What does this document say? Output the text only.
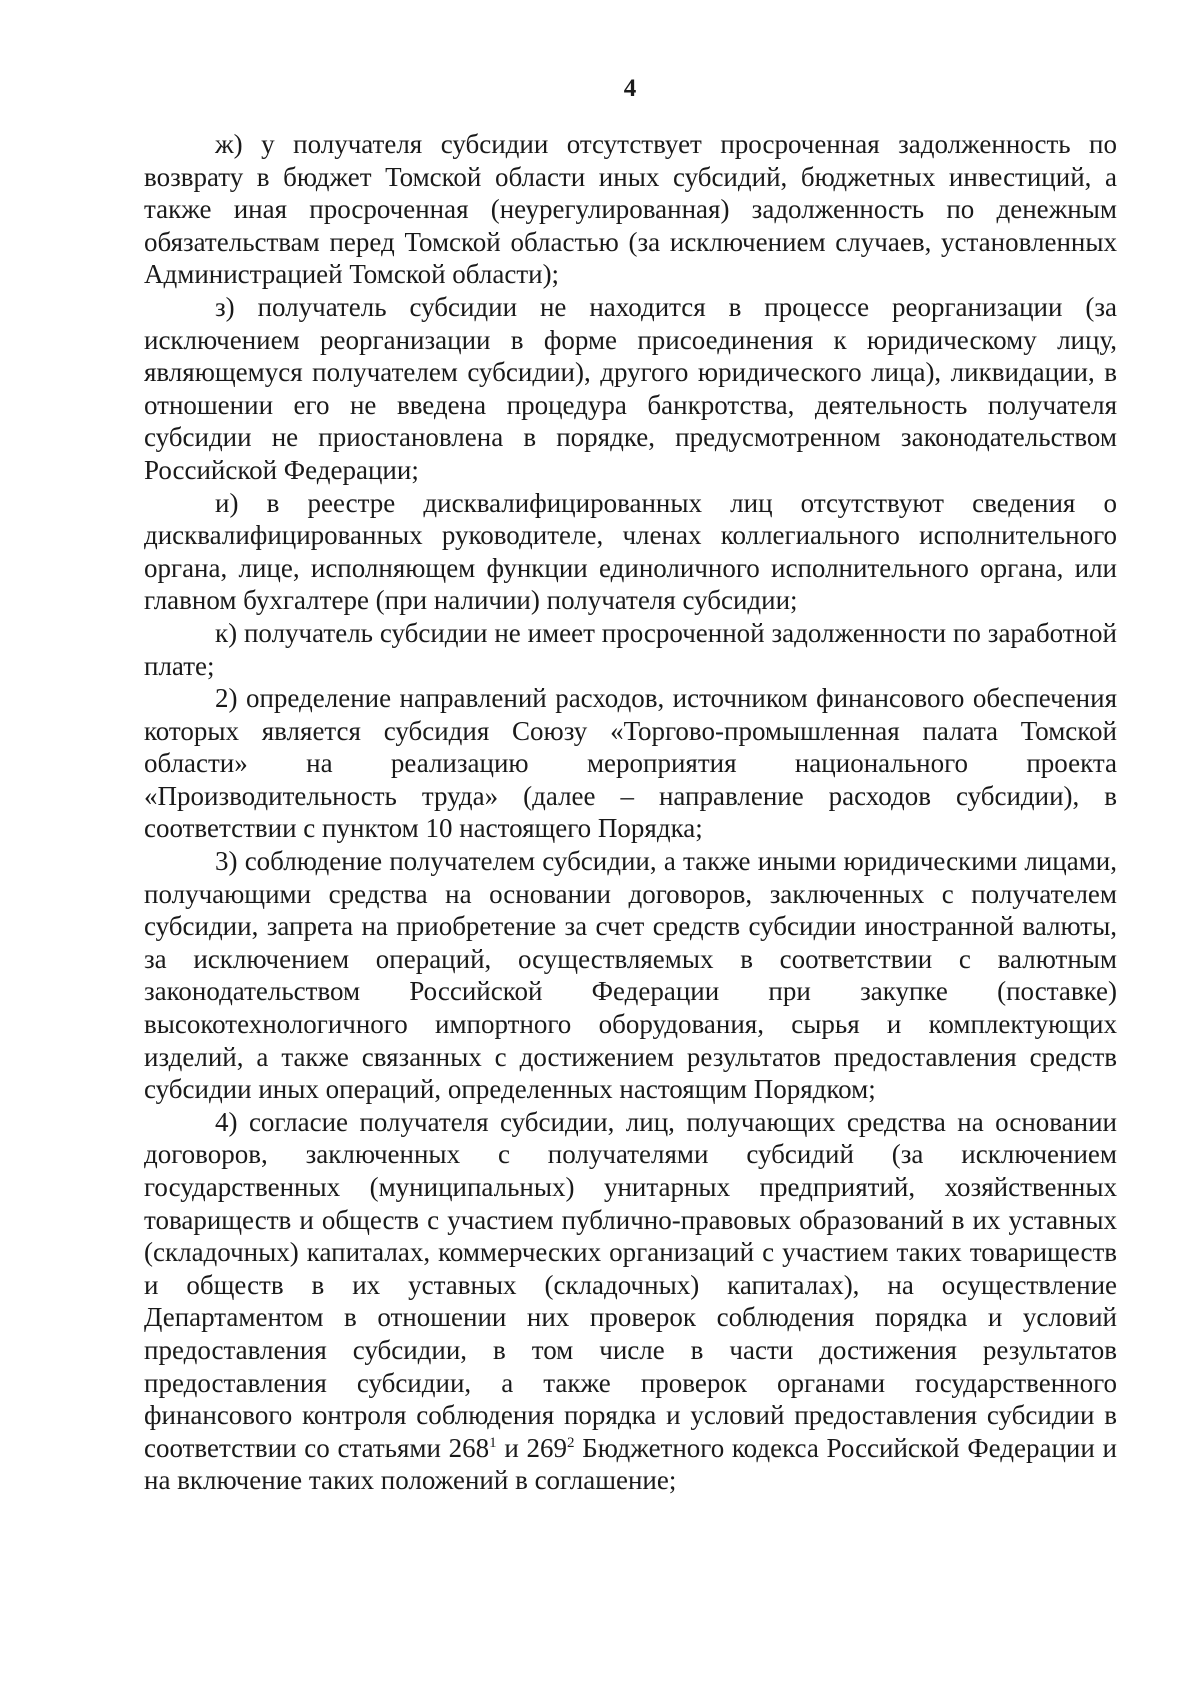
4

ж) у получателя субсидии отсутствует просроченная задолженность по возврату в бюджет Томской области иных субсидий, бюджетных инвестиций, а также иная просроченная (неурегулированная) задолженность по денежным обязательствам перед Томской областью (за исключением случаев, установленных Администрацией Томской области);

з) получатель субсидии не находится в процессе реорганизации (за исключением реорганизации в форме присоединения к юридическому лицу, являющемуся получателем субсидии), другого юридического лица), ликвидации, в отношении его не введена процедура банкротства, деятельность получателя субсидии не приостановлена в порядке, предусмотренном законодательством Российской Федерации;

и) в реестре дисквалифицированных лиц отсутствуют сведения о дисквалифицированных руководителе, членах коллегиального исполнительного органа, лице, исполняющем функции единоличного исполнительного органа, или главном бухгалтере (при наличии) получателя субсидии;

к) получатель субсидии не имеет просроченной задолженности по заработной плате;

2) определение направлений расходов, источником финансового обеспечения которых является субсидия Союзу «Торгово-промышленная палата Томской области» на реализацию мероприятия национального проекта «Производительность труда» (далее – направление расходов субсидии), в соответствии с пунктом 10 настоящего Порядка;

3) соблюдение получателем субсидии, а также иными юридическими лицами, получающими средства на основании договоров, заключенных с получателем субсидии, запрета на приобретение за счет средств субсидии иностранной валюты, за исключением операций, осуществляемых в соответствии с валютным законодательством Российской Федерации при закупке (поставке) высокотехнологичного импортного оборудования, сырья и комплектующих изделий, а также связанных с достижением результатов предоставления средств субсидии иных операций, определенных настоящим Порядком;

4) согласие получателя субсидии, лиц, получающих средства на основании договоров, заключенных с получателями субсидий (за исключением государственных (муниципальных) унитарных предприятий, хозяйственных товариществ и обществ с участием публично-правовых образований в их уставных (складочных) капиталах, коммерческих организаций с участием таких товариществ и обществ в их уставных (складочных) капиталах), на осуществление Департаментом в отношении них проверок соблюдения порядка и условий предоставления субсидии, в том числе в части достижения результатов предоставления субсидии, а также проверок органами государственного финансового контроля соблюдения порядка и условий предоставления субсидии в соответствии со статьями $268^1$ и $269^2$ Бюджетного кодекса Российской Федерации и на включение таких положений в соглашение;
